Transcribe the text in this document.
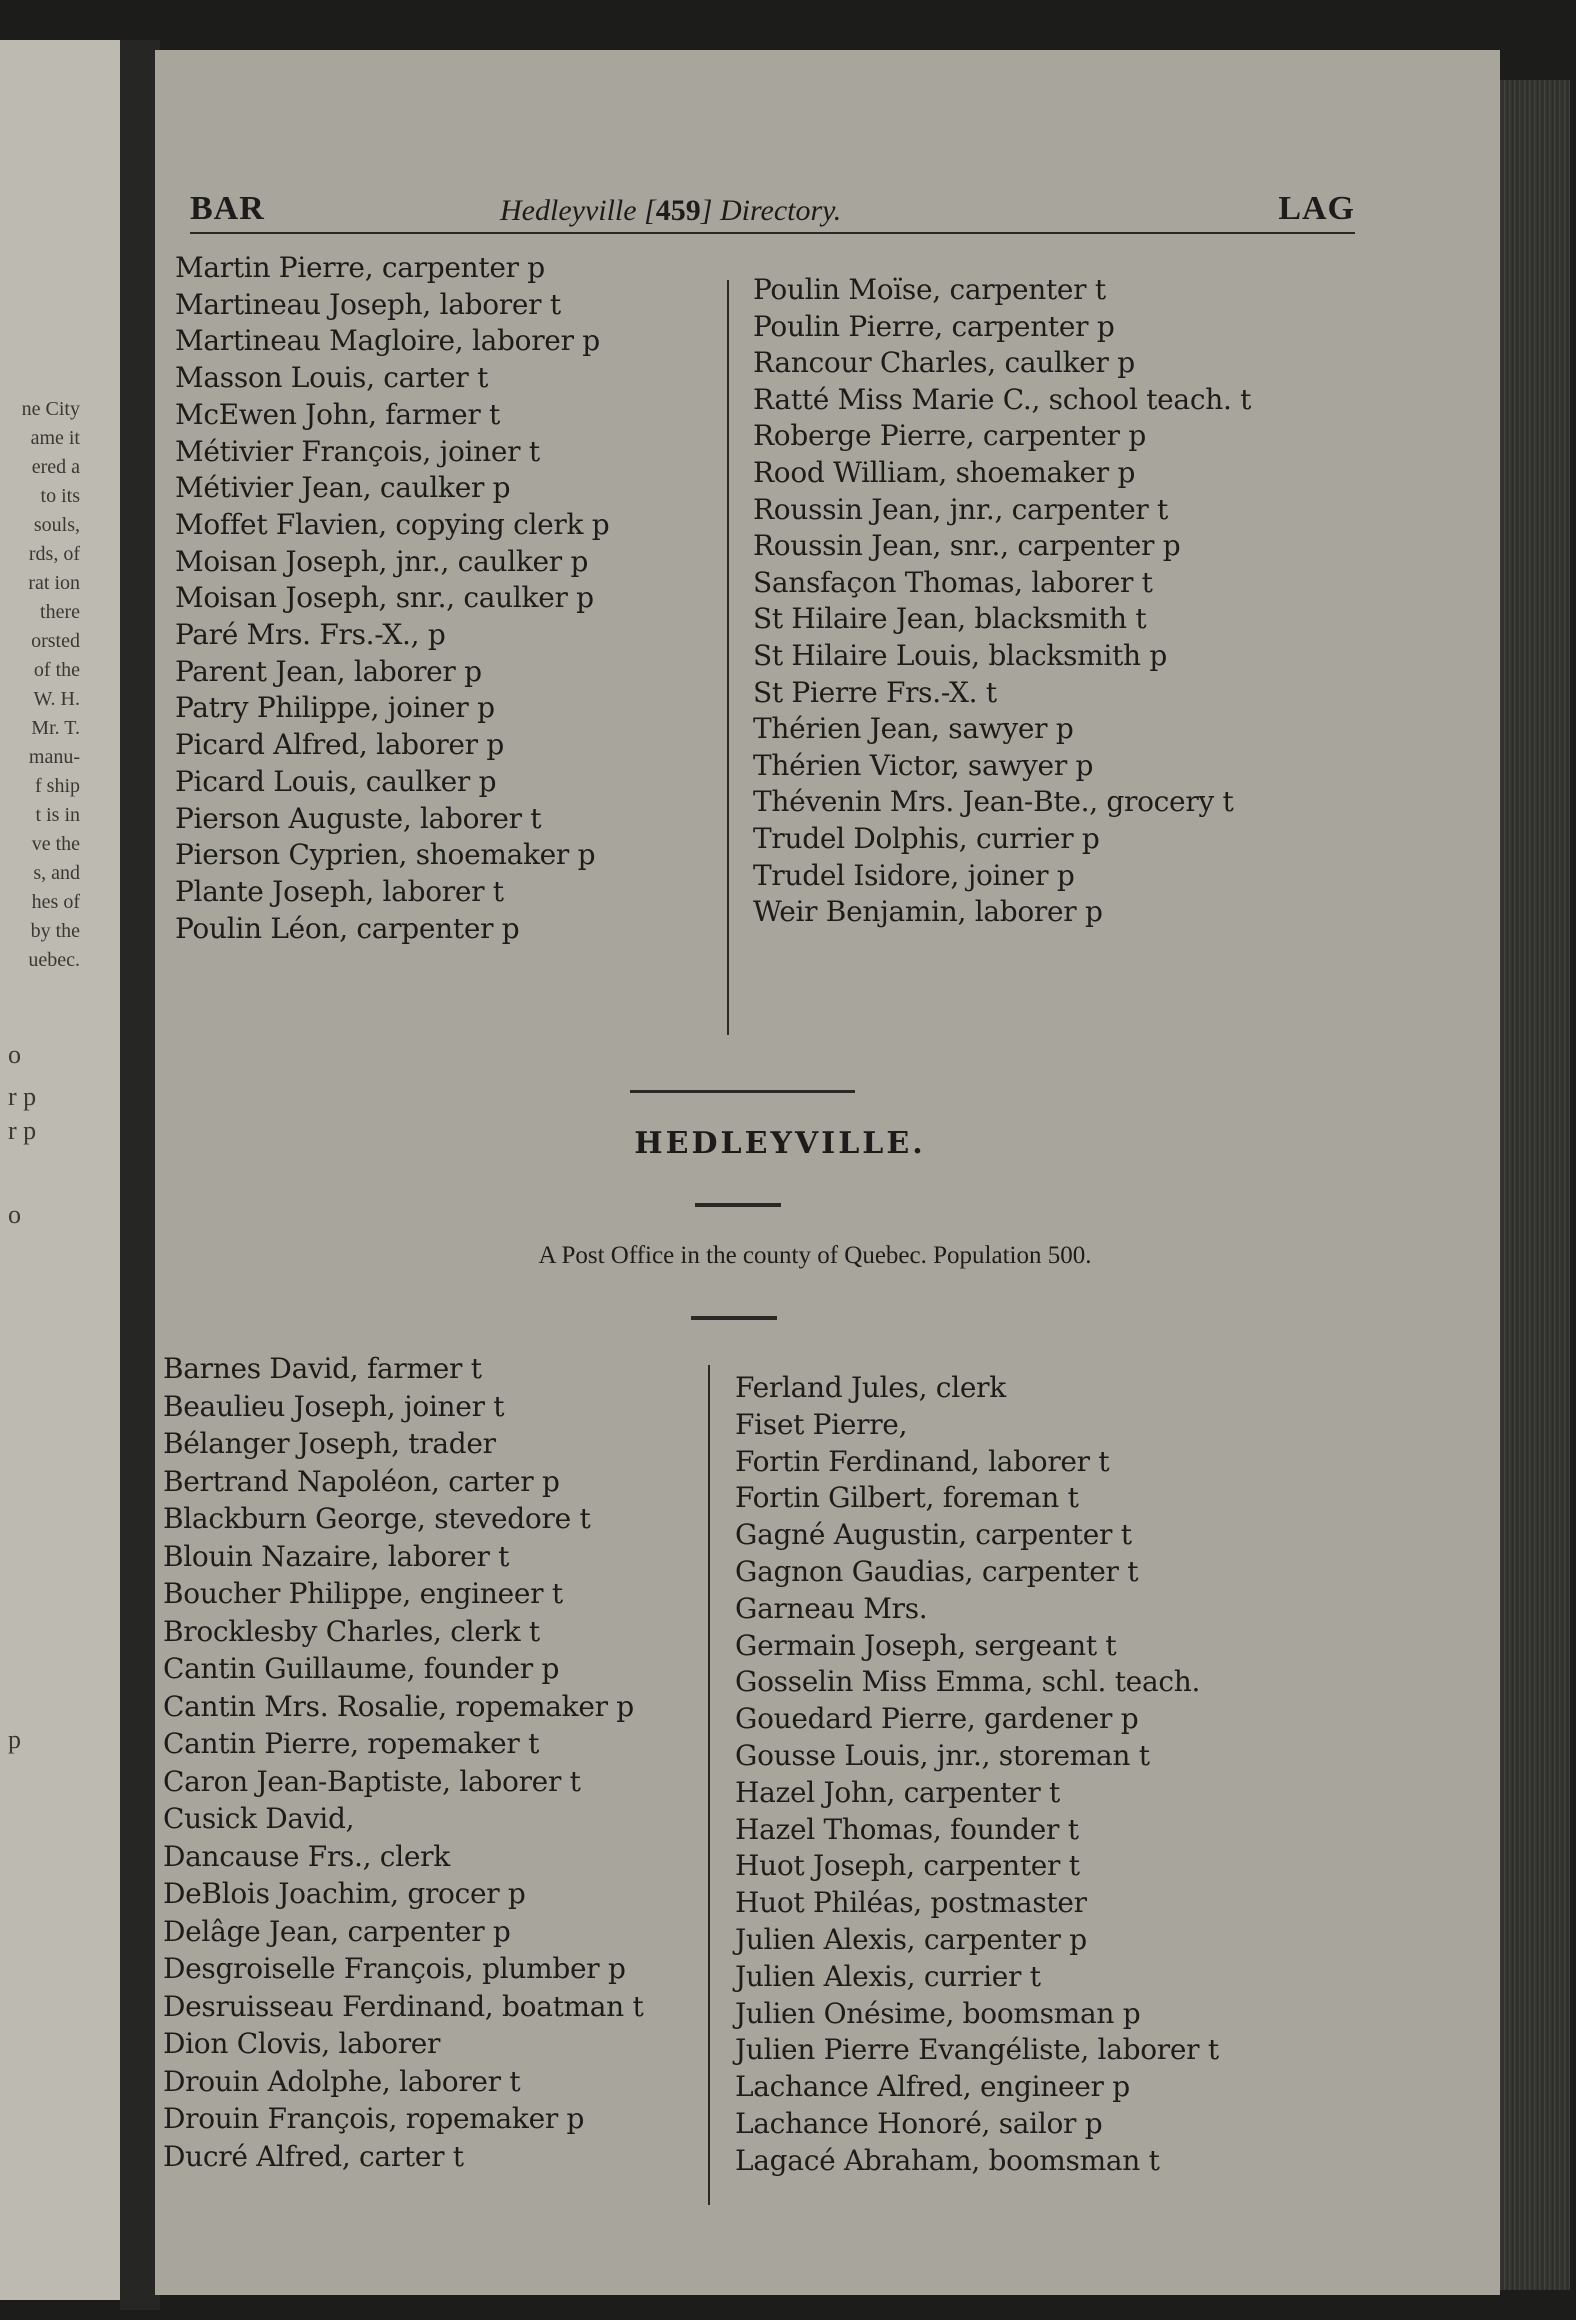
ne City
ame it
ered a
to its
souls,
rds, of
rat ion
there
orsted
of the
W. H.
Mr. T.
manu-
f ship
t is in
ve the
s, and
hes of
by the
uebec.
o
r p
r p
o
p
BAR	Hedleyville [459] Directory.	LAG
Martin Pierre, carpenter p
Martineau Joseph, laborer t
Martineau Magloire, laborer p
Masson Louis, carter t
McEwen John, farmer t
Métivier François, joiner t
Métivier Jean, caulker p
Moffet Flavien, copying clerk p
Moisan Joseph, jnr., caulker p
Moisan Joseph, snr., caulker p
Paré Mrs. Frs.-X., p
Parent Jean, laborer p
Patry Philippe, joiner p
Picard Alfred, laborer p
Picard Louis, caulker p
Pierson Auguste, laborer t
Pierson Cyprien, shoemaker p
Plante Joseph, laborer t
Poulin Léon, carpenter p
Poulin Moïse, carpenter t
Poulin Pierre, carpenter p
Rancour Charles, caulker p
Ratté Miss Marie C., school teach. t
Roberge Pierre, carpenter p
Rood William, shoemaker p
Roussin Jean, jnr., carpenter t
Roussin Jean, snr., carpenter p
Sansfaçon Thomas, laborer t
St Hilaire Jean, blacksmith t
St Hilaire Louis, blacksmith p
St Pierre Frs.-X. t
Thérien Jean, sawyer p
Thérien Victor, sawyer p
Thévenin Mrs. Jean-Bte., grocery t
Trudel Dolphis, currier p
Trudel Isidore, joiner p
Weir Benjamin, laborer p
HEDLEYVILLE.
A Post Office in the county of Quebec. Population 500.
Barnes David, farmer t
Beaulieu Joseph, joiner t
Bélanger Joseph, trader
Bertrand Napoléon, carter p
Blackburn George, stevedore t
Blouin Nazaire, laborer t
Boucher Philippe, engineer t
Brocklesby Charles, clerk t
Cantin Guillaume, founder p
Cantin Mrs. Rosalie, ropemaker p
Cantin Pierre, ropemaker t
Caron Jean-Baptiste, laborer t
Cusick David,
Dancause Frs., clerk
DeBlois Joachim, grocer p
Delâge Jean, carpenter p
Desgroiselle François, plumber p
Desruisseau Ferdinand, boatman t
Dion Clovis, laborer
Drouin Adolphe, laborer t
Drouin François, ropemaker p
Ducré Alfred, carter t
Ferland Jules, clerk
Fiset Pierre,
Fortin Ferdinand, laborer t
Fortin Gilbert, foreman t
Gagné Augustin, carpenter t
Gagnon Gaudias, carpenter t
Garneau Mrs.
Germain Joseph, sergeant t
Gosselin Miss Emma, schl. teach.
Gouedard Pierre, gardener p
Gousse Louis, jnr., storeman t
Hazel John, carpenter t
Hazel Thomas, founder t
Huot Joseph, carpenter t
Huot Philéas, postmaster
Julien Alexis, carpenter p
Julien Alexis, currier t
Julien Onésime, boomsman p
Julien Pierre Evangéliste, laborer t
Lachance Alfred, engineer p
Lachance Honoré, sailor p
Lagacé Abraham, boomsman t
